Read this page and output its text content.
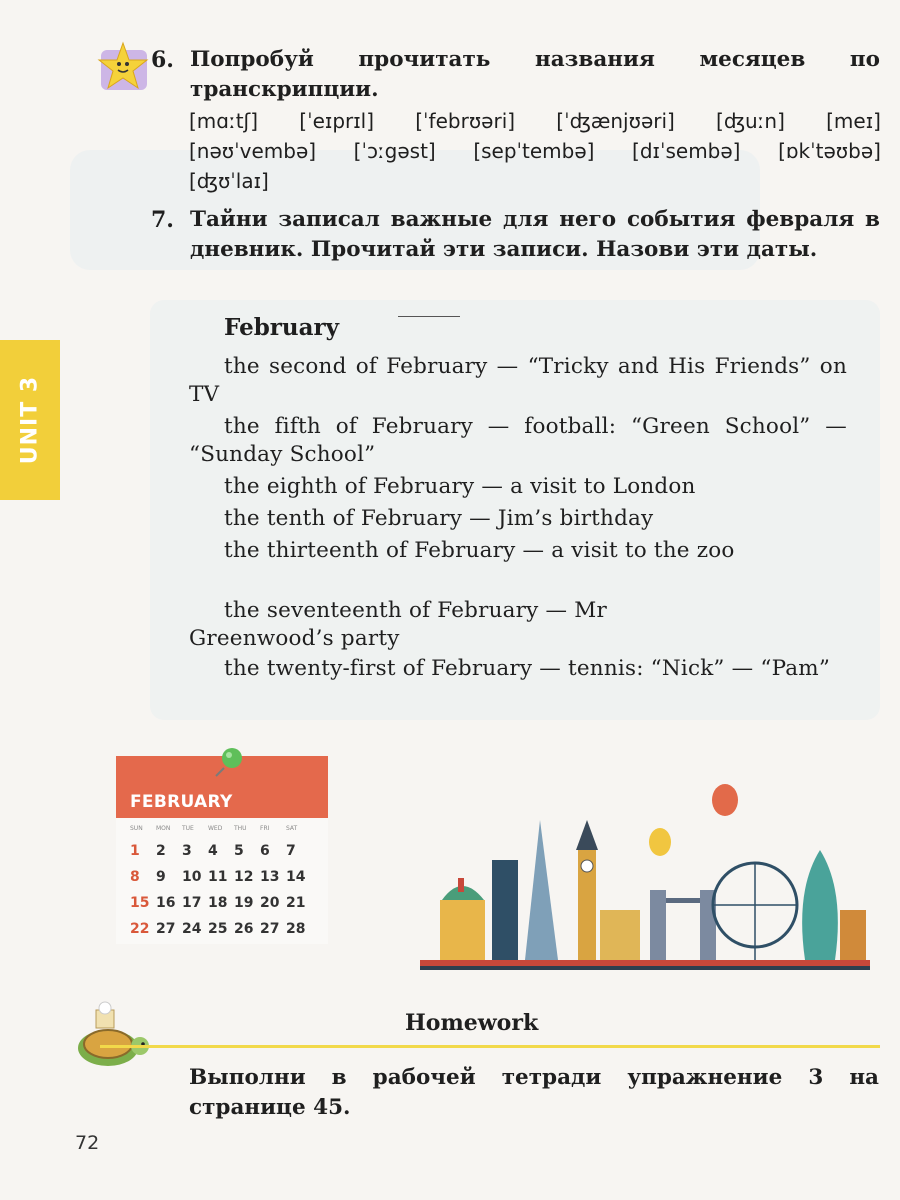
UNIT 3
6. Попробуй прочитать названия месяцев по транскрипции.
[mɑːtʃ] [ˈeɪprɪl] [ˈfebrʊəri] [ˈʤænjʊəri] [ʤuːn] [meɪ]
[nəʊˈvembə] [ˈɔːgəst] [sepˈtembə] [dɪˈsembə] [ɒkˈtəʊbə]
[ʤʊˈlaɪ]
7. Тайни записал важные для него события февраля в дневник. Прочитай эти записи. Назови эти даты.
February
the second of February — “Tricky and His Friends” on TV
the fifth of February — football: “Green School” — “Sunday School”
the eighth of February — a visit to London
the tenth of February — Jim’s birthday
the thirteenth of February — a visit to the zoo
the seventeenth of February — Mr Greenwood’s party
the twenty-first of February — tennis: “Nick” — “Pam”
FEBRUARY
SUN	MON	TUE	WED	THU	FRI	SAT
1	2	3	4	5	6	7
8	9	10 11 12 13 14
15 16 17 18 19 20 21
22 27 24 25 26 27 28
Homework
Выполни в рабочей тетради упражнение 3 на странице 45.
72
